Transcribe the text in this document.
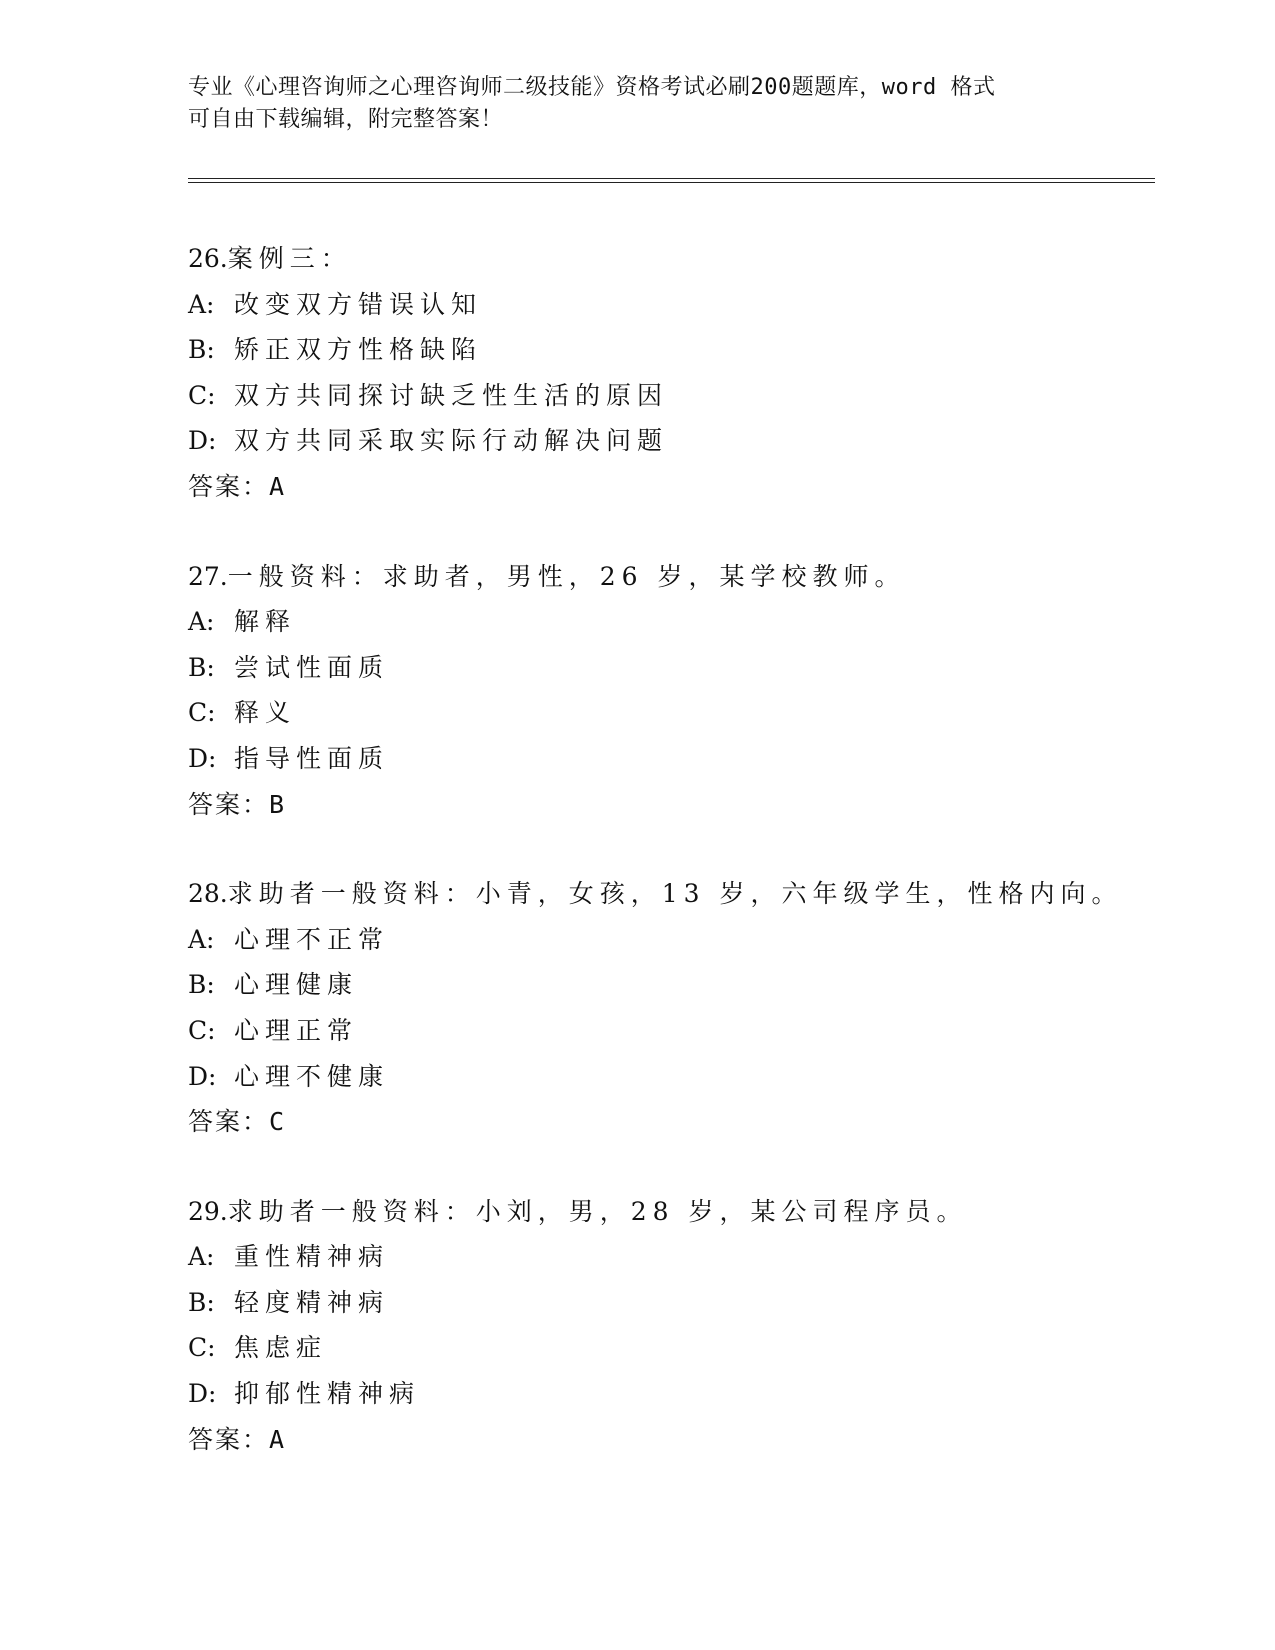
专业《心理咨询师之心理咨询师二级技能》资格考试必刷200题题库，word 格式
可自由下载编辑，附完整答案！
26.案例三：
A: 改变双方错误认知
B: 矫正双方性格缺陷
C: 双方共同探讨缺乏性生活的原因
D: 双方共同采取实际行动解决问题
答案：A
27.一般资料：求助者，男性，26 岁，某学校教师。
A: 解释
B: 尝试性面质
C: 释义
D: 指导性面质
答案：B
28.求助者一般资料：小青，女孩，13 岁，六年级学生，性格内向。
A: 心理不正常
B: 心理健康
C: 心理正常
D: 心理不健康
答案：C
29.求助者一般资料：小刘，男，28 岁，某公司程序员。
A: 重性精神病
B: 轻度精神病
C: 焦虑症
D: 抑郁性精神病
答案：A
